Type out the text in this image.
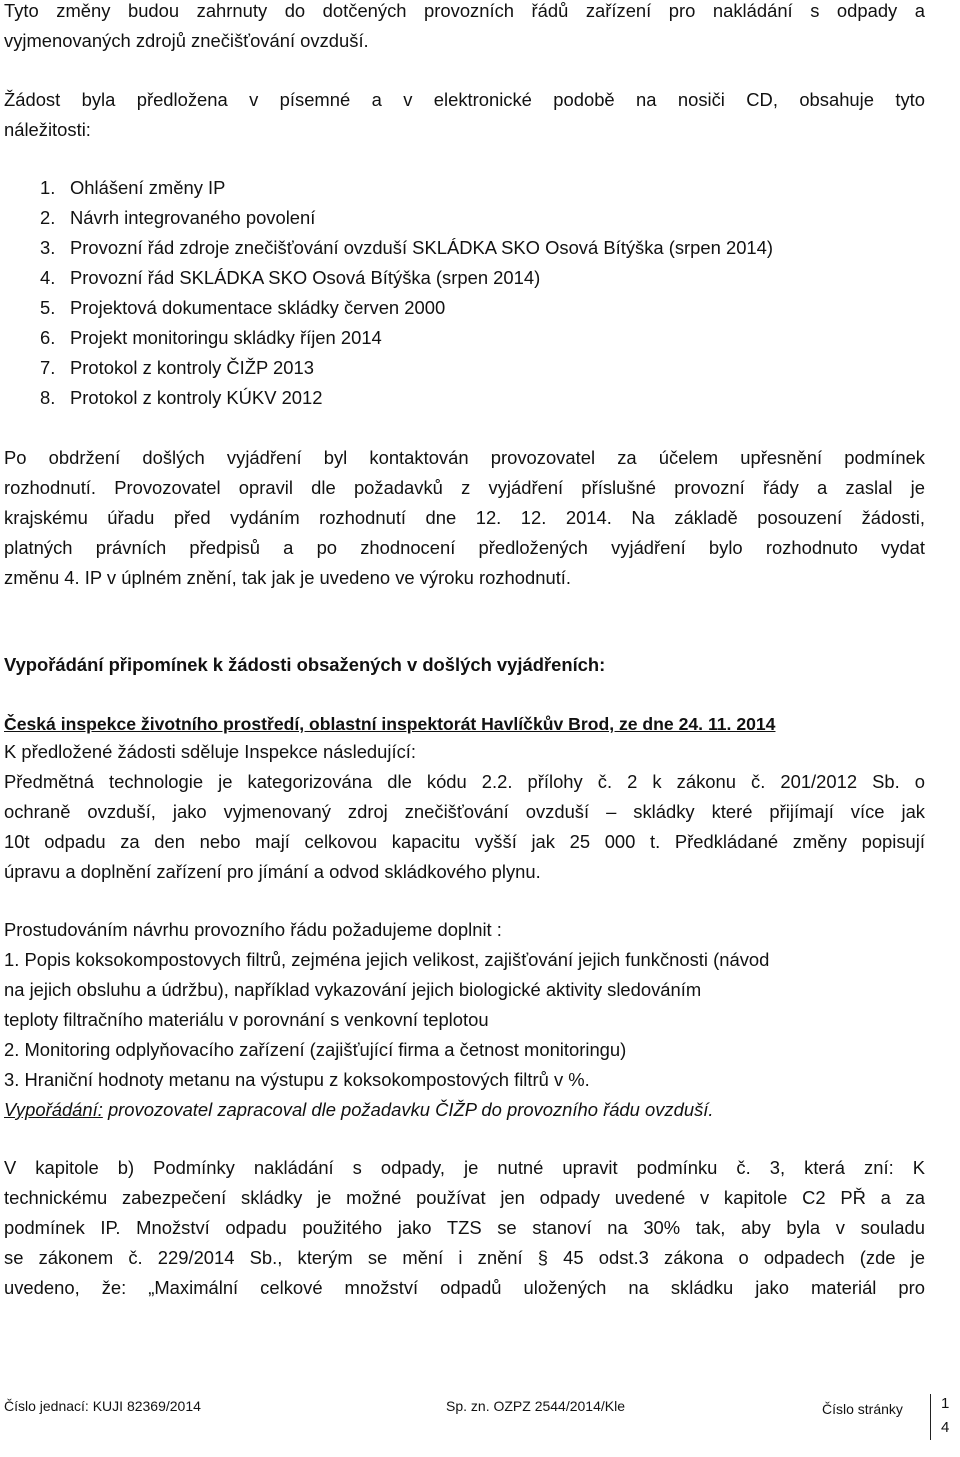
Tyto změny budou zahrnuty do dotčených provozních řádů zařízení pro nakládání s odpady a
vyjmenovaných zdrojů znečišťování ovzduší.
Žádost byla předložena v písemné a v elektronické podobě na nosiči CD, obsahuje tyto
náležitosti:
1. Ohlášení změny IP
2. Návrh integrovaného povolení
3. Provozní řád zdroje znečišťování ovzduší SKLÁDKA SKO Osová Bítýška (srpen 2014)
4. Provozní řád SKLÁDKA SKO Osová Bítýška (srpen 2014)
5. Projektová dokumentace skládky červen 2000
6. Projekt monitoringu skládky říjen 2014
7. Protokol z kontroly ČIŽP 2013
8. Protokol z kontroly KÚKV 2012
Po obdržení došlých vyjádření byl kontaktován provozovatel za účelem upřesnění podmínek
rozhodnutí. Provozovatel opravil dle požadavků z vyjádření příslušné provozní řády a zaslal je
krajskému úřadu před vydáním rozhodnutí dne 12. 12. 2014. Na základě posouzení žádosti,
platných právních předpisů a po zhodnocení předložených vyjádření bylo rozhodnuto vydat
změnu 4. IP v úplném znění, tak jak je uvedeno ve výroku rozhodnutí.
Vypořádání připomínek k žádosti obsažených v došlých vyjádřeních:
Česká inspekce životního prostředí, oblastní inspektorát Havlíčkův Brod, ze dne 24. 11. 2014
K předložené žádosti sděluje Inspekce následující:
Předmětná technologie je kategorizována dle kódu 2.2. přílohy č. 2 k zákonu č. 201/2012 Sb. o
ochraně ovzduší, jako vyjmenovaný zdroj znečišťování ovzduší – skládky které přijímají více jak
10t odpadu za den nebo mají celkovou kapacitu vyšší jak 25 000 t. Předkládané změny popisují
úpravu a doplnění zařízení pro jímání a odvod skládkového plynu.
Prostudováním návrhu provozního řádu požadujeme doplnit :
1. Popis koksokompostovych filtrů, zejména jejich velikost, zajišťování jejich funkčnosti (návod
na jejich obsluhu a údržbu), například vykazování jejich biologické aktivity sledováním
teploty filtračního materiálu v porovnání s venkovní teplotou
2. Monitoring odplyňovacího zařízení (zajišťující firma a četnost monitoringu)
3. Hraniční hodnoty metanu na výstupu z koksokompostových filtrů v %.
Vypořádání: provozovatel zapracoval dle požadavku ČIŽP do provozního řádu ovzduší.
V kapitole b) Podmínky nakládání s odpady, je nutné upravit podmínku č. 3, která zní: K
technickému zabezpečení skládky je možné používat jen odpady uvedené v kapitole C2 PŘ a za
podmínek IP. Množství odpadu použitého jako TZS se stanoví na 30% tak, aby byla v souladu
se zákonem č. 229/2014 Sb., kterým se mění i znění § 45 odst.3 zákona o odpadech (zde je
uvedeno, že: „Maximální celkové množství odpadů uložených na skládku jako materiál pro
Číslo jednací: KUJI 82369/2014	Sp. zn. OZPZ 2544/2014/Kle	Číslo stránky	1
4
